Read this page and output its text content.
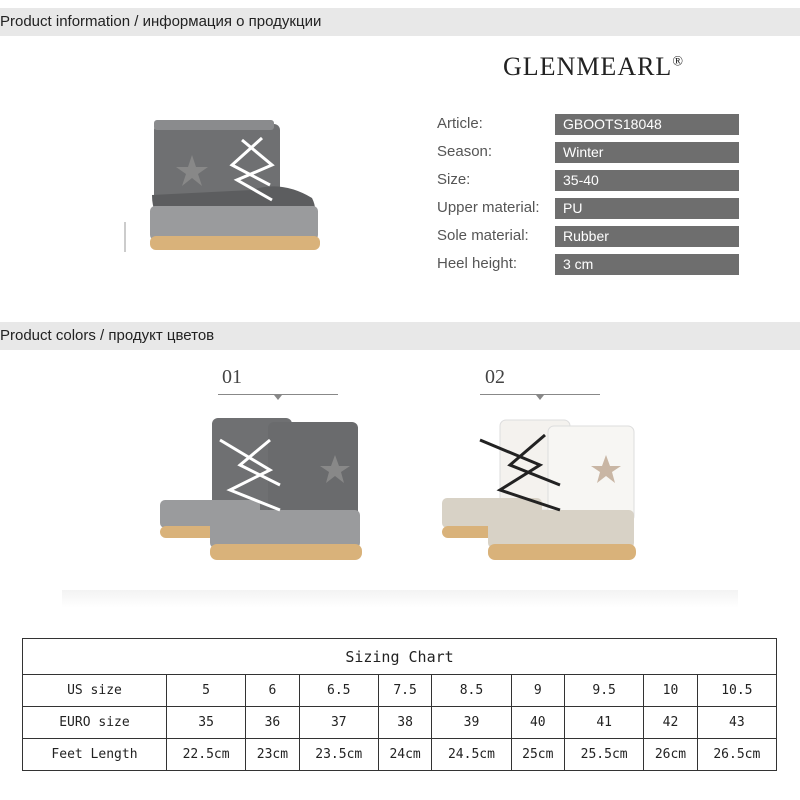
Product information / информация о продукции
Product colors / продукт цветов
GLENMEARL®
Article:	GBOOTS18048
Season:	Winter
Size:	35-40
Upper material:	PU
Sole material:	Rubber
Heel height:	3 cm
01	02
Sizing Chart									
US size	5	6	6.5	7.5	8.5	9	9.5	10	10.5
EURO size	35	36	37	38	39	40	41	42	43
Feet Length	22.5cm	23cm	23.5cm	24cm	24.5cm	25cm	25.5cm	26cm	26.5cm
